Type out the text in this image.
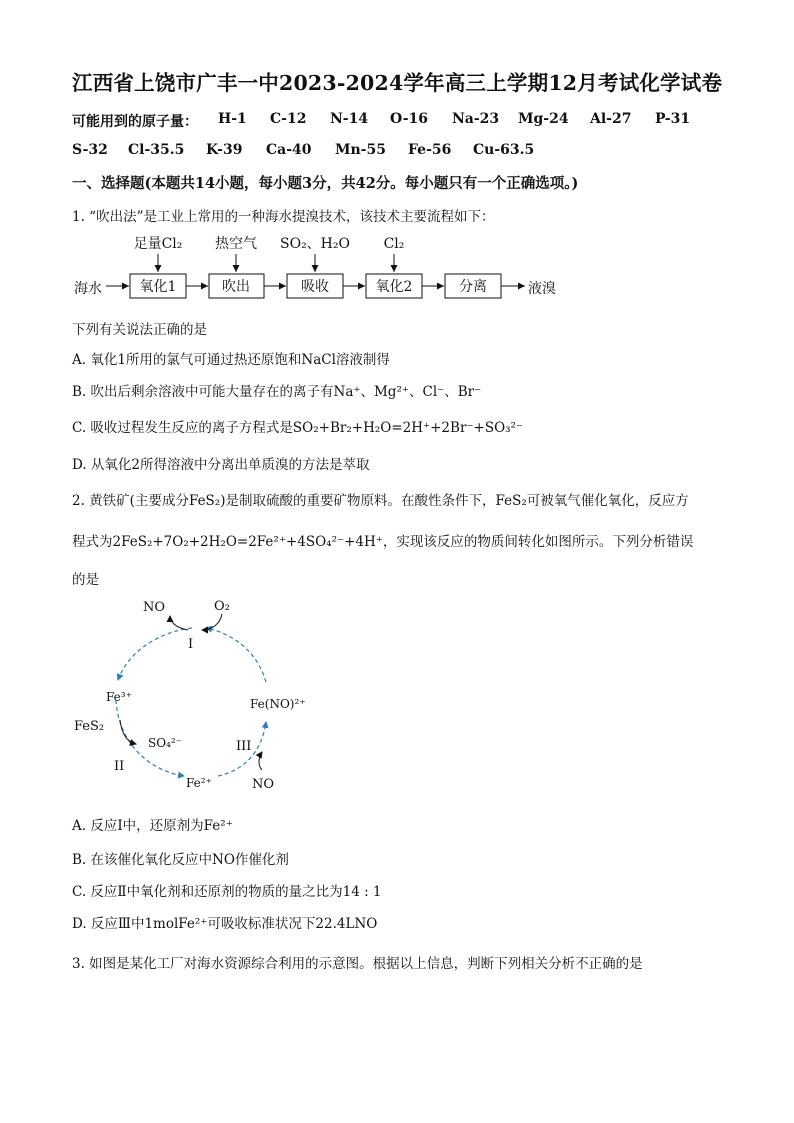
江西省上饶市广丰一中2023-2024学年高三上学期12月考试化学试卷
可能用到的原子量： H-1 C-12 N-14 O-16 Na-23 Mg-24 Al-27 P-31
S-32 Cl-35.5 K-39 Ca-40 Mn-55 Fe-56 Cu-63.5
一、选择题(本题共14小题，每小题3分，共42分。每小题只有一个正确选项。)
1. “吹出法”是工业上常用的一种海水提溴技术，该技术主要流程如下：
足量Cl₂ 热空气 SO₂、H₂O Cl₂
海水	液溴
氧化1	吹出	吸收	氧化2	分离
下列有关说法正确的是
A. 氧化1所用的氯气可通过热还原饱和NaCl溶液制得
B. 吹出后剩余溶液中可能大量存在的离子有Na⁺、Mg²⁺、Cl⁻、Br⁻
C. 吸收过程发生反应的离子方程式是SO₂+Br₂+H₂O=2H⁺+2Br⁻+SO₃²⁻
D. 从氧化2所得溶液中分离出单质溴的方法是萃取
2. 黄铁矿(主要成分FeS₂)是制取硫酸的重要矿物原料。在酸性条件下，FeS₂可被氧气催化氧化，反应方
程式为2FeS₂+7O₂+2H₂O=2Fe²⁺+4SO₄²⁻+4H⁺，实现该反应的物质间转化如图所示。下列分析错误
的是
NO	O₂
I
Fe³⁺	Fe(NO)²⁺
FeS₂
SO₄²⁻	III
II
Fe²⁺	NO
A. 反应Ⅰ中，还原剂为Fe²⁺
B. 在该催化氧化反应中NO作催化剂
C. 反应Ⅱ中氧化剂和还原剂的物质的量之比为14 : 1
D. 反应Ⅲ中1molFe²⁺可吸收标准状况下22.4LNO
3. 如图是某化工厂对海水资源综合利用的示意图。根据以上信息，判断下列相关分析不正确的是
